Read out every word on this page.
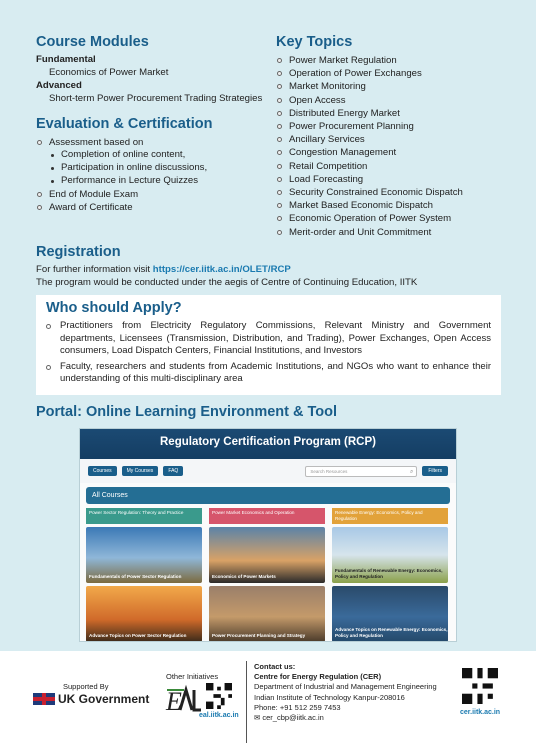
Course Modules
Fundamental
Economics of Power Market
Advanced
Short-term Power Procurement Trading Strategies
Evaluation & Certification
Assessment based on
Completion of online content,
Participation in online discussions,
Performance in Lecture Quizzes
End of Module Exam
Award of Certificate
Key Topics
Power Market Regulation
Operation of Power Exchanges
Market Monitoring
Open Access
Distributed Energy Market
Power Procurement Planning
Ancillary Services
Congestion Management
Retail Competition
Load Forecasting
Security Constrained Economic Dispatch
Market Based Economic Dispatch
Economic Operation of Power System
Merit-order and Unit Commitment
Registration
For further information visit https://cer.iitk.ac.in/OLET/RCP
The program would be conducted under the aegis of Centre of Continuing Education, IITK
Who should Apply?

Practitioners from Electricity Regulatory Commissions, Relevant Ministry and Government departments, Licensees (Transmission, Distribution, and Trading), Power Exchanges, Open Access consumers, Load Dispatch Centers, Financial Institutions, and Investors

Faculty, researchers and students from Academic Institutions, and NGOs who want to enhance their understanding of this multi-disciplinary area

Portal: Online Learning Environment & Tool
Regulatory Certification Program (RCP)
Courses	My Courses	FAQ	Search Resources	⌕	Filters
All Courses
Power Sector Regulation: Theory and Practice
Fundamentals of Power Sector Regulation
Advance Topics on Power Sector Regulation
Power Market Economics and Operation
Economics of Power Markets
Power Procurement Planning and Strategy
Renewable Energy: Economics, Policy and Regulation
Fundamentals of Renewable Energy: Economics, Policy and Regulation
Advance Topics on Renewable Energy: Economics, Policy and Regulation
Supported By
UK Government
Other Initiatives
E eal.iitk.ac.in
Contact us:
Centre for Energy Regulation (CER)
Department of Industrial and Management Engineering
Indian Institute of Technology Kanpur-208016
Phone: +91 512 259 7453
✉ cer_cbp@iitk.ac.in
cer.iitk.ac.in
